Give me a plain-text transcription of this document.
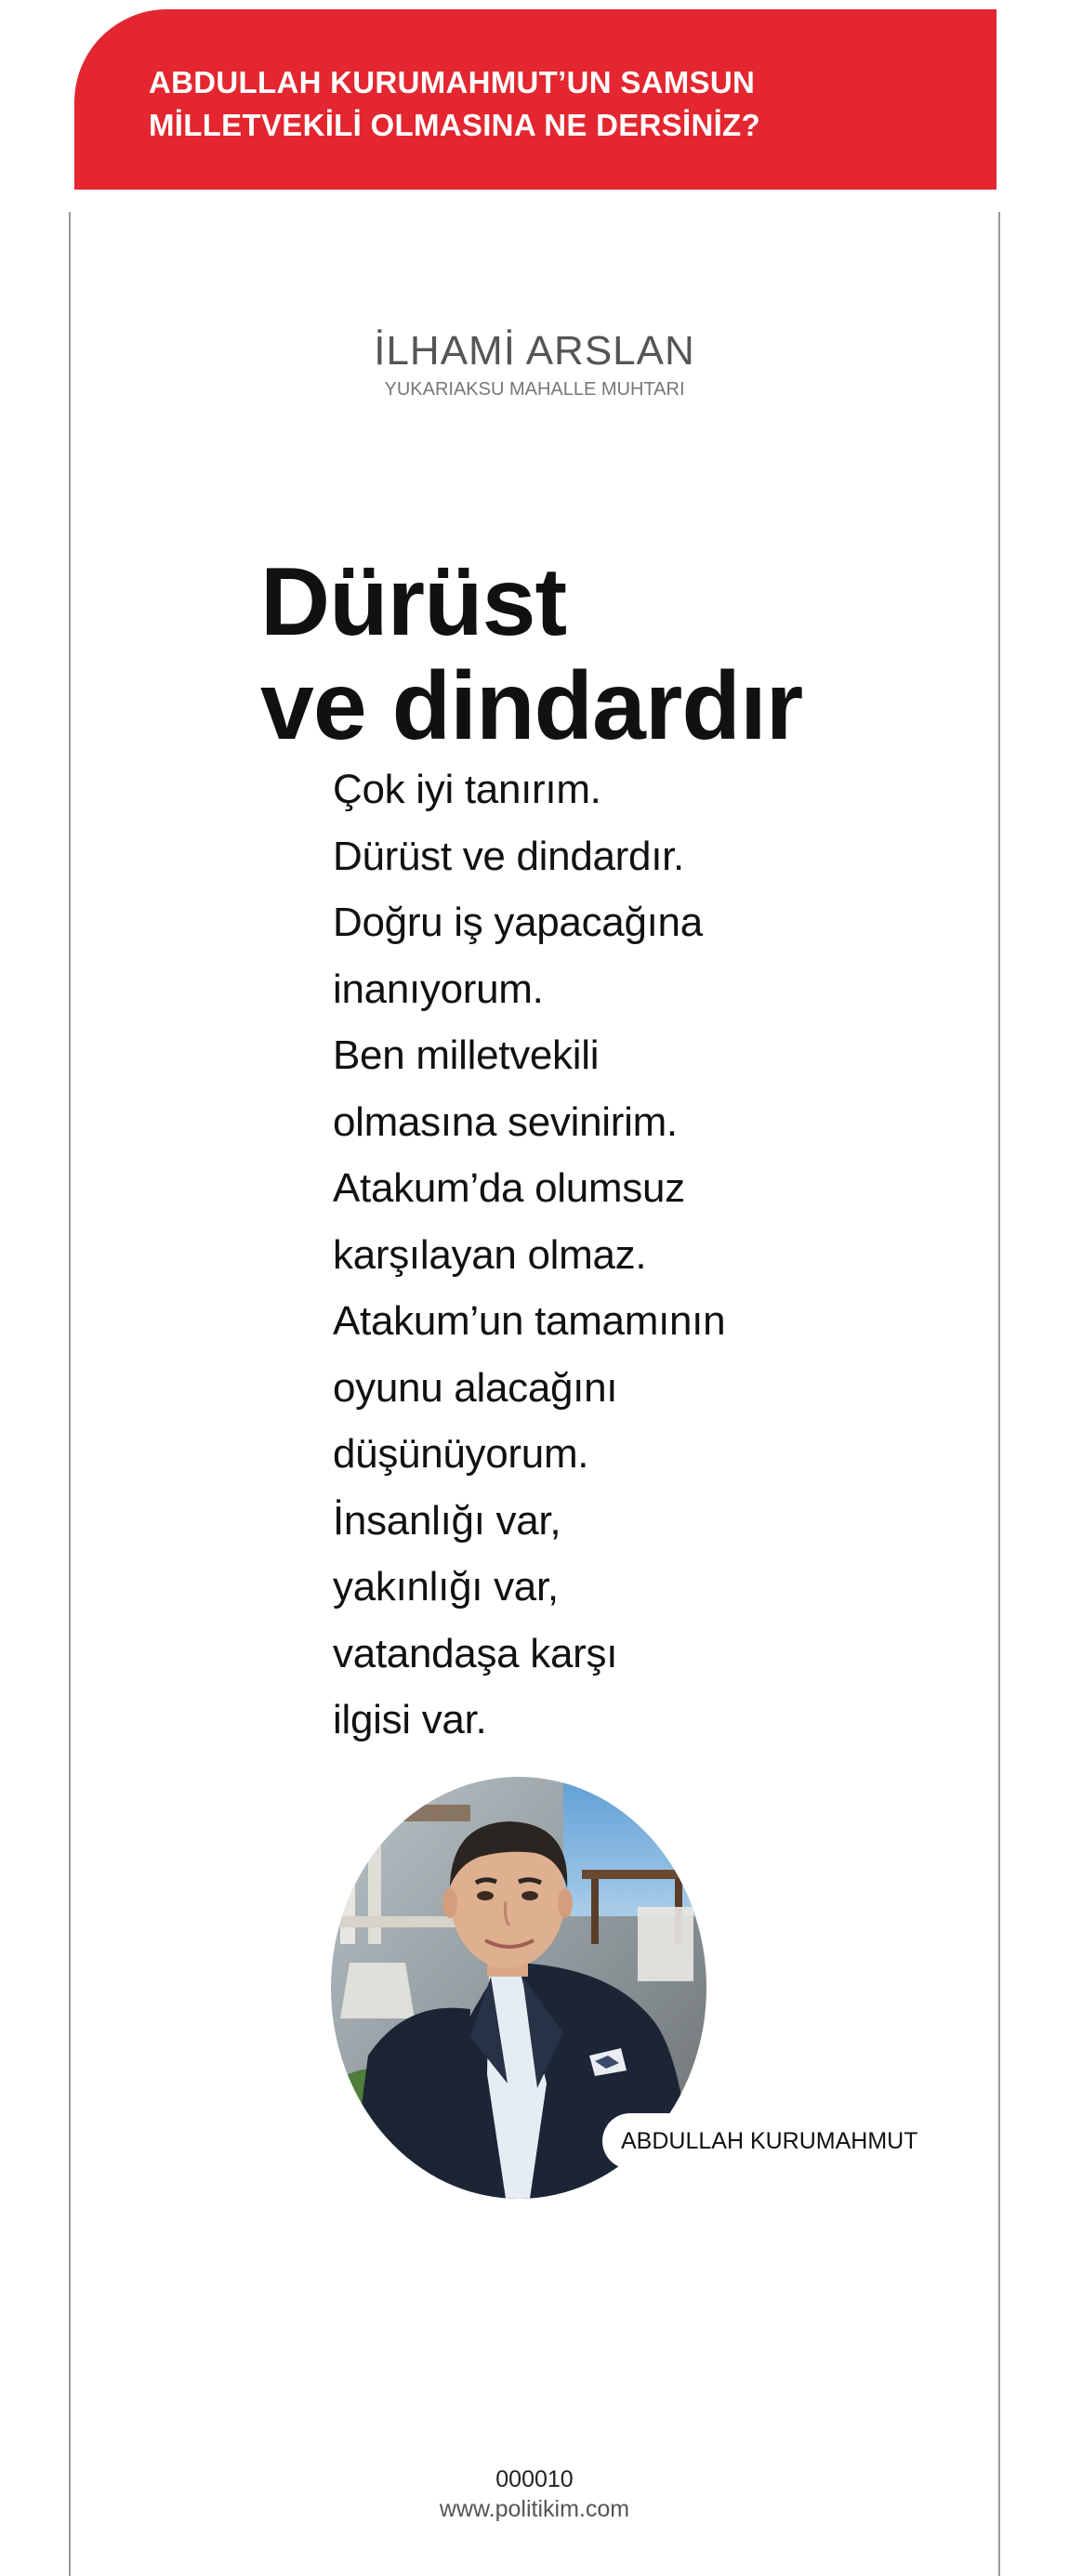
ABDULLAH KURUMAHMUT’UN SAMSUN
MİLLETVEKİLİ OLMASINA NE DERSİNİZ?
İLHAMİ ARSLAN
YUKARIAKSU MAHALLE MUHTARI
Dürüst
ve dindardır
Çok iyi tanırım.
Dürüst ve dindardır.
Doğru iş yapacağına
inanıyorum.
Ben milletvekili
olmasına sevinirim.
Atakum’da olumsuz
karşılayan olmaz.
Atakum’un tamamının
oyunu alacağını
düşünüyorum.
İnsanlığı var,
yakınlığı var,
vatandaşa karşı
ilgisi var.
ABDULLAH KURUMAHMUT
000010
www.politikim.com
